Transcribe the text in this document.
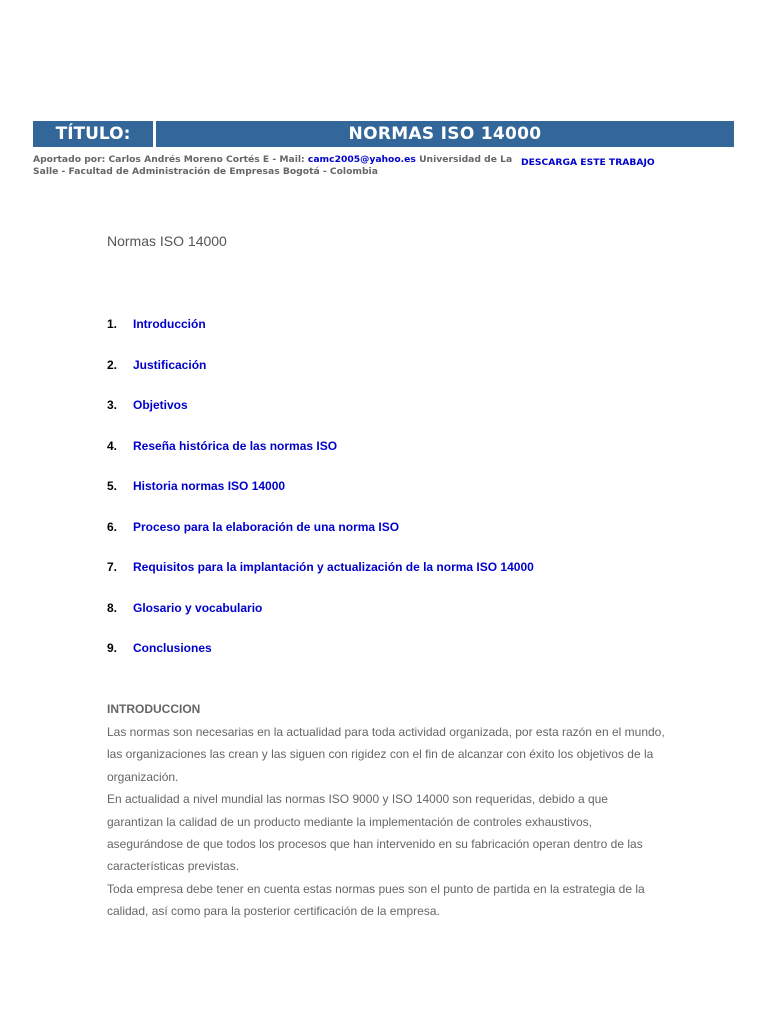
TÍTULO:	NORMAS ISO 14000
Aportado por: Carlos Andrés Moreno Cortés E - Mail: camc2005@yahoo.es Universidad de La Salle - Facultad de Administración de Empresas Bogotá - Colombia
DESCARGA ESTE TRABAJO
Normas ISO 14000
1.	Introducción
2.	Justificación
3.	Objetivos
4.	Reseña histórica de las normas ISO
5.	Historia normas ISO 14000
6.	Proceso para la elaboración de una norma ISO
7.	Requisitos para la implantación y actualización de la norma ISO 14000
8.	Glosario y vocabulario
9.	Conclusiones
INTRODUCCION

Las normas son necesarias en la actualidad para toda actividad organizada, por esta razón en el mundo, las organizaciones las crean y las siguen con rigidez con el fin de alcanzar con éxito los objetivos de la organización.

En actualidad a nivel mundial las normas ISO 9000 y ISO 14000 son requeridas, debido a que garantizan la calidad de un producto mediante la implementación de controles exhaustivos, asegurándose de que todos los procesos que han intervenido en su fabricación operan dentro de las características previstas.

Toda empresa debe tener en cuenta estas normas pues son el punto de partida en la estrategia de la calidad, así como para la posterior certificación de la empresa.
